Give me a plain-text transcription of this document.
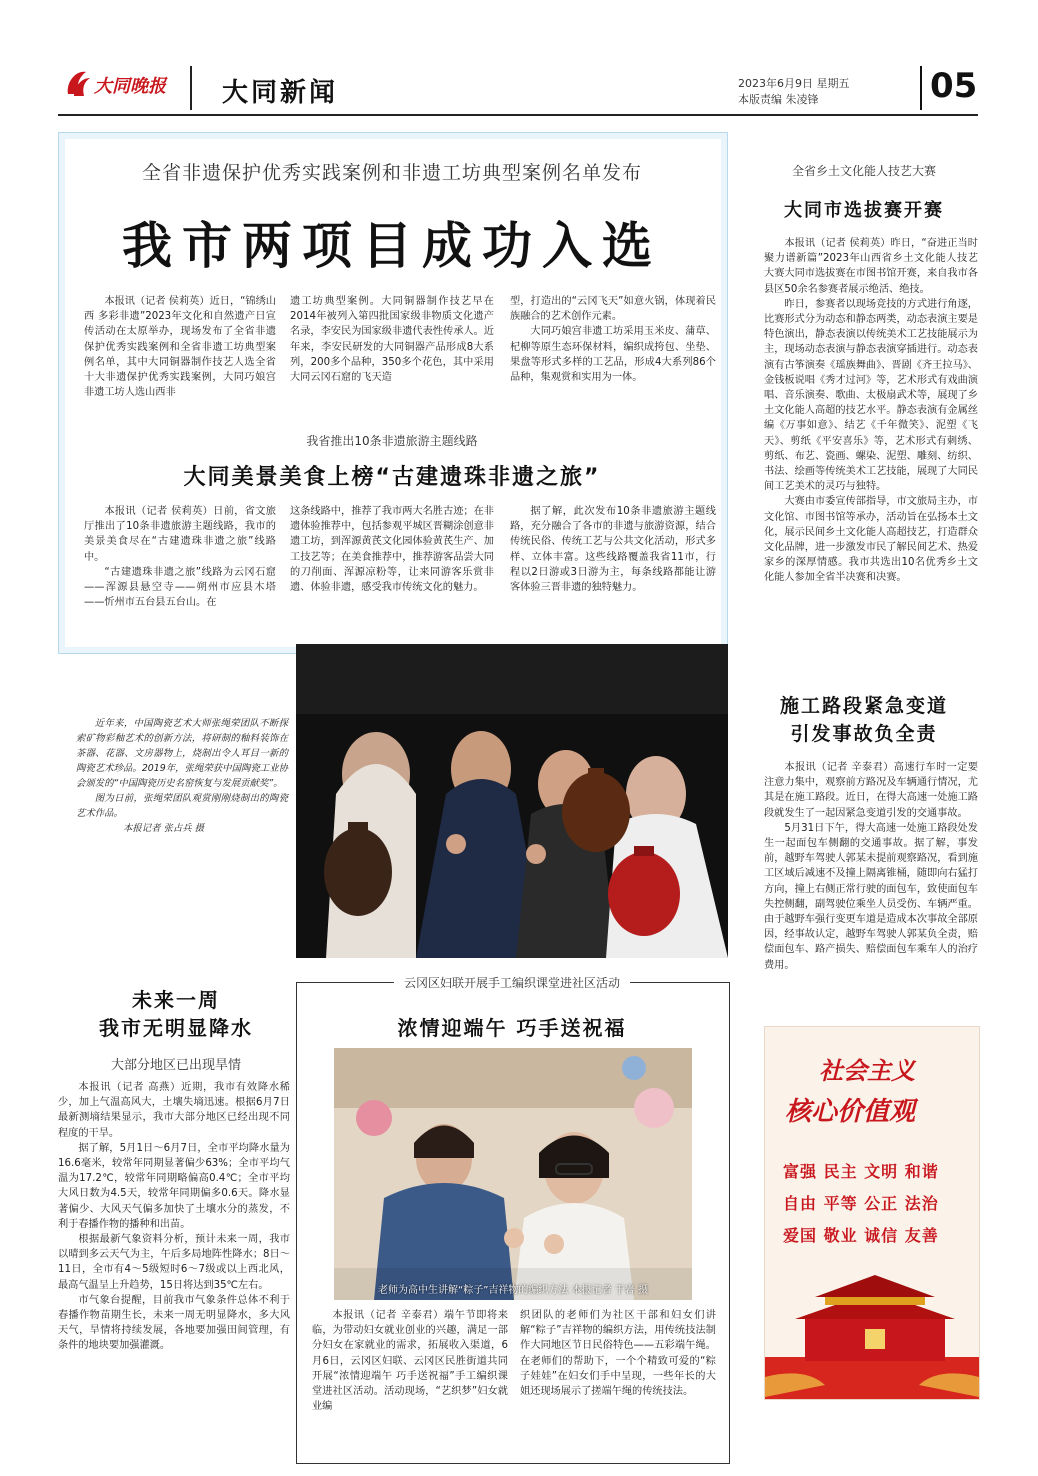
大同晚报 大同新闻	2023年6月9日 星期五
本版责编 朱凌锋	05
全省非遗保护优秀实践案例和非遗工坊典型案例名单发布
我市两项目成功入选

本报讯（记者 侯莉英）近日，“锦绣山西 多彩非遗”2023年文化和自然遗产日宣传活动在太原举办，现场发布了全省非遗保护优秀实践案例和全省非遗工坊典型案例名单，其中大同铜器制作技艺人选全省十大非遗保护优秀实践案例，大同巧娘宫非遗工坊人选山西非

遗工坊典型案例。大同铜器制作技艺早在2014年被列入第四批国家级非物质文化遗产名录，李安民为国家级非遗代表性传承人。近年来，李安民研发的大同铜器产品形成8大系列，200多个品种，350多个花色，其中采用大同云冈石窟的飞天造

型，打造出的“云冈飞天”如意火锅，体现着民族融合的艺术创作元素。

大同巧娘宫非遗工坊采用玉米皮、蒲草、杞柳等原生态环保材料，编织成挎包、坐垫、果盘等形式多样的工艺品，形成4大系列86个品种，集观赏和实用为一体。

我省推出10条非遗旅游主题线路
大同美景美食上榜“古建遗珠非遗之旅”

本报讯（记者 侯莉英）日前，省文旅厅推出了10条非遗旅游主题线路，我市的美景美食尽在“古建遗珠非遗之旅”线路中。

“古建遗珠非遗之旅”线路为云冈石窟——浑源县悬空寺——朔州市应县木塔——忻州市五台县五台山。在

这条线路中，推荐了我市两大名胜古迹；在非遗体验推荐中，包括参观平城区晋糊涂创意非遗工坊，到浑源黄芪文化园体验黄芪生产、加工技艺等；在美食推荐中，推荐游客品尝大同的刀削面、浑源凉粉等，让来同游客乐赏非遗、体验非遗，感受我市传统文化的魅力。

据了解，此次发布10条非遗旅游主题线路，充分融合了各市的非遗与旅游资源，结合传统民俗、传统工艺与公共文化活动，形式多样、立体丰富。这些线路覆盖我省11市，行程以2日游或3日游为主，每条线路都能让游客体验三晋非遗的独特魅力。

全省乡土文化能人技艺大赛
大同市选拔赛开赛

本报讯（记者 侯莉英）昨日，“奋进正当时 聚力谱新篇”2023年山西省乡土文化能人技艺大赛大同市选拔赛在市图书馆开赛，来自我市各县区50余名参赛者展示绝活、绝技。

昨日，参赛者以现场竞技的方式进行角逐，比赛形式分为动态和静态两类，动态表演主要是特色演出，静态表演以传统美术工艺技能展示为主，现场动态表演与静态表演穿插进行。动态表演有古筝演奏《瑶族舞曲》、晋剧《齐王拉马》、金钱板说唱《秀才过河》等，艺术形式有戏曲演唱、音乐演奏、歌曲、太极扇武术等，展现了乡土文化能人高超的技艺水平。静态表演有金属丝编《万事如意》、结艺《千年微笑》、泥塑《飞天》、剪纸《平安喜乐》等，艺术形式有刺绣、剪纸、布艺、瓷画、螺染、泥塑、雕刻、纺织、书法、绘画等传统美术工艺技能，展现了大同民间工艺美术的灵巧与独特。

大赛由市委宣传部指导，市文旅局主办，市文化馆、市图书馆等承办，活动旨在弘扬本土文化，展示民间乡土文化能人高超技艺，打造群众文化品牌，进一步激发市民了解民间艺术、热爱家乡的深厚情感。我市共选出10名优秀乡土文化能人参加全省半决赛和决赛。

近年来，中国陶瓷艺术大师张绳荣团队不断探索矿物彩釉艺术的创新方法，将研制的釉料装饰在茶器、花器、文房器物上，烧制出令人耳目一新的陶瓷艺术珍品。2019年，张绳荣获中国陶瓷工业协会颁发的“中国陶瓷历史名窑恢复与发展贡献奖”。

图为日前，张绳荣团队观赏刚刚烧制出的陶瓷艺术作品。

本报记者 张占兵 摄

施工路段紧急变道
引发事故负全责

本报讯（记者 辛泰君）高速行车时一定要注意力集中，观察前方路况及车辆通行情况，尤其是在施工路段。近日，在得大高速一处施工路段就发生了一起因紧急变道引发的交通事故。

5月31日下午，得大高速一处施工路段处发生一起面包车侧翻的交通事故。据了解，事发前，越野车驾驶人郭某未提前观察路况，看到施工区域后减速不及撞上隔离锥桶，随即向右猛打方向，撞上右侧正常行驶的面包车，致使面包车失控侧翻，副驾驶位乘坐人员受伤、车辆严重。由于越野车强行变更车道是造成本次事故全部原因，经事故认定，越野车驾驶人郭某负全责，赔偿面包车、路产损失、赔偿面包车乘车人的治疗费用。

未来一周
我市无明显降水
大部分地区已出现旱情

本报讯（记者 高燕）近期，我市有效降水稀少，加上气温高风大，土壤失墒迅速。根据6月7日最新测墒结果显示，我市大部分地区已经出现不同程度的干旱。

据了解，5月1日～6月7日，全市平均降水量为16.6毫米，较常年同期显著偏少63%；全市平均气温为17.2℃，较常年同期略偏高0.4℃；全市平均大风日数为4.5天，较常年同期偏多0.6天。降水显著偏少、大风天气偏多加快了土壤水分的蒸发，不利于春播作物的播种和出苗。

根据最新气象资料分析，预计未来一周，我市以晴到多云天气为主，午后多局地阵性降水；8日～11日，全市有4～5级短时6～7级或以上西北风，最高气温呈上升趋势，15日将达到35℃左右。

市气象台提醒，目前我市气象条件总体不利于春播作物苗期生长，未来一周无明显降水，多大风天气，旱情将持续发展，各地要加强田间管理，有条件的地块要加强灌溉。

云冈区妇联开展手工编织课堂进社区活动
浓情迎端午 巧手送祝福
老师为高中生讲解“粽子”吉祥物的编织方法 本报记者 于岩 摄

本报讯（记者 辛泰君）端午节即将来临，为带动妇女就业创业的兴趣，满足一部分妇女在家就业的需求，拓展收入渠道，6月6日，云冈区妇联、云冈区民胜街道共同开展“浓情迎端午 巧手送祝福”手工编织课堂进社区活动。活动现场，“艺织梦”妇女就业编

织团队的老师们为社区干部和妇女们讲解“粽子”吉祥物的编织方法，用传统技法制作大同地区节日民俗特色——五彩端午绳。在老师们的帮助下，一个个精致可爱的“粽子娃娃”在妇女们手中呈现，一些年长的大姐还现场展示了搓端午绳的传统技法。

社会主义
核心价值观
富强 民主 文明 和谐
自由 平等 公正 法治
爱国 敬业 诚信 友善
